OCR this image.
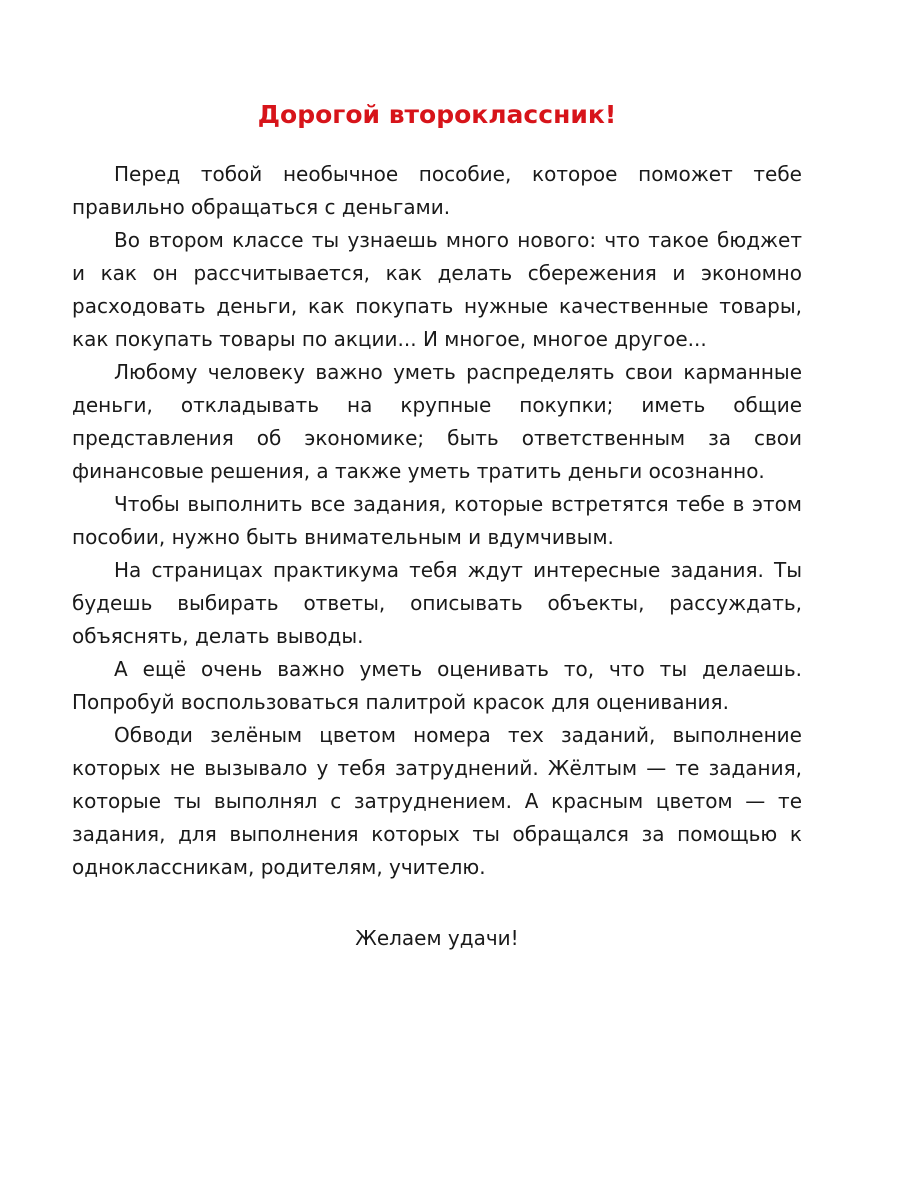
Дорогой второклассник!

Перед тобой необычное пособие, которое поможет тебе правильно обращаться с деньгами.

Во втором классе ты узнаешь много нового: что такое бюджет и как он рассчитывается, как делать сбережения и экономно расходовать деньги, как покупать нужные качественные товары, как покупать товары по акции... И многое, многое другое...

Любому человеку важно уметь распределять свои карманные деньги, откладывать на крупные покупки; иметь общие представления об экономике; быть ответственным за свои финансовые решения, а также уметь тратить деньги осознанно.

Чтобы выполнить все задания, которые встретятся тебе в этом пособии, нужно быть внимательным и вдумчивым.

На страницах практикума тебя ждут интересные задания. Ты будешь выбирать ответы, описывать объекты, рассуждать, объяснять, делать выводы.

А ещё очень важно уметь оценивать то, что ты делаешь. Попробуй воспользоваться палитрой красок для оценивания.

Обводи зелёным цветом номера тех заданий, выполнение которых не вызывало у тебя затруднений. Жёлтым — те задания, которые ты выполнял с затруднением. А красным цветом — те задания, для выполнения которых ты обращался за помощью к одноклассникам, родителям, учителю.

Желаем удачи!
